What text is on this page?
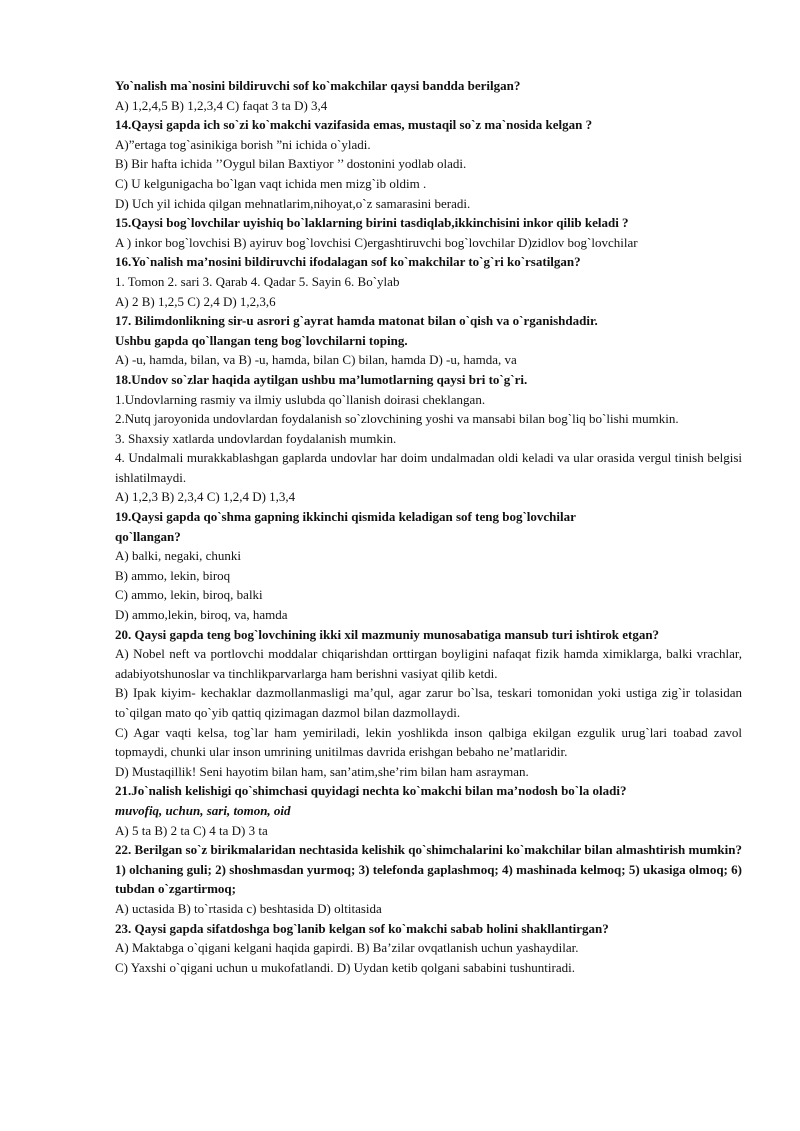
Yo`nalish ma`nosini bildiruvchi sof ko`makchilar qaysi bandda berilgan?
A) 1,2,4,5 B) 1,2,3,4 C) faqat 3 ta D) 3,4
14.Qaysi gapda ich so`zi ko`makchi vazifasida emas, mustaqil so`z ma`nosida kelgan ?
A)”ertaga tog`asinikiga borish ”ni ichida o`yladi.
B) Bir hafta ichida ’’Oygul bilan Baxtiyor ’’ dostonini yodlab oladi.
C) U kelgunigacha bo`lgan vaqt ichida men mizg`ib oldim .
D) Uch yil ichida qilgan mehnatlarim,nihoyat,o`z samarasini beradi.
15.Qaysi bog`lovchilar uyishiq bo`laklarning birini tasdiqlab,ikkinchisini inkor qilib keladi ?
A ) inkor bog`lovchisi B) ayiruv bog`lovchisi C)ergashtiruvchi bog`lovchilar D)zidlov bog`lovchilar
16.Yo`nalish ma’nosini bildiruvchi ifodalagan sof ko`makchilar to`g`ri ko`rsatilgan?
1. Tomon 2. sari 3. Qarab 4. Qadar 5. Sayin 6. Bo`ylab
A) 2 B) 1,2,5 C) 2,4 D) 1,2,3,6
17. Bilimdonlikning sir-u asrori g`ayrat hamda matonat bilan o`qish va o`rganishdadir.
Ushbu gapda qo`llangan teng bog`lovchilarni toping.
A) -u, hamda, bilan, va B) -u, hamda, bilan C) bilan, hamda D) -u, hamda, va
18.Undov so`zlar haqida aytilgan ushbu ma’lumotlarning qaysi bri to`g`ri.
1.Undovlarning rasmiy va ilmiy uslubda qo`llanish doirasi cheklangan.
2.Nutq jaroyonida undovlardan foydalanish so`zlovchining yoshi va mansabi bilan bog`liq bo`lishi mumkin.
3. Shaxsiy xatlarda undovlardan foydalanish mumkin.
4. Undalmali murakkablashgan gaplarda undovlar har doim undalmadan oldi keladi va ular orasida vergul tinish belgisi ishlatilmaydi.
A) 1,2,3 B) 2,3,4 C) 1,2,4 D) 1,3,4
19.Qaysi gapda qo`shma gapning ikkinchi qismida keladigan sof teng bog`lovchilar
qo`llangan?
A) balki, negaki, chunki
B) ammo, lekin, biroq
C) ammo, lekin, biroq, balki
D) ammo,lekin, biroq, va, hamda
20. Qaysi gapda teng bog`lovchining ikki xil mazmuniy munosabatiga mansub turi ishtirok etgan?
A) Nobel neft va portlovchi moddalar chiqarishdan orttirgan boyligini nafaqat fizik hamda ximiklarga, balki vrachlar, adabiyotshunoslar va tinchlikparvarlarga ham berishni vasiyat qilib ketdi.
B) Ipak kiyim- kechaklar dazmollanmasligi ma’qul, agar zarur bo`lsa, teskari tomonidan yoki ustiga zig`ir tolasidan to`qilgan mato qo`yib qattiq qizimagan dazmol bilan dazmollaydi.
C) Agar vaqti kelsa, tog`lar ham yemiriladi, lekin yoshlikda inson qalbiga ekilgan ezgulik urug`lari toabad zavol topmaydi, chunki ular inson umrining unitilmas davrida erishgan bebaho ne’matlaridir.
D) Mustaqillik! Seni hayotim bilan ham, san’atim,she’rim bilan ham asrayman.
21.Jo`nalish kelishigi qo`shimchasi quyidagi nechta ko`makchi bilan ma’nodosh bo`la oladi?
muvofiq, uchun, sari, tomon, oid
A) 5 ta B) 2 ta C) 4 ta D) 3 ta
22. Berilgan so`z birikmalaridan nechtasida kelishik qo`shimchalarini ko`makchilar bilan almashtirish mumkin? 1) olchaning guli; 2) shoshmasdan yurmoq; 3) telefonda gaplashmoq; 4) mashinada kelmoq; 5) ukasiga olmoq; 6) tubdan o`zgartirmoq;
A) uctasida B) to`rtasida c) beshtasida D) oltitasida
23. Qaysi gapda sifatdoshga bog`lanib kelgan sof ko`makchi sabab holini shakllantirgan?
A) Maktabga o`qigani kelgani haqida gapirdi. B) Ba’zilar ovqatlanish uchun yashaydilar.
C) Yaxshi o`qigani uchun u mukofatlandi. D) Uydan ketib qolgani sababini tushuntiradi.
